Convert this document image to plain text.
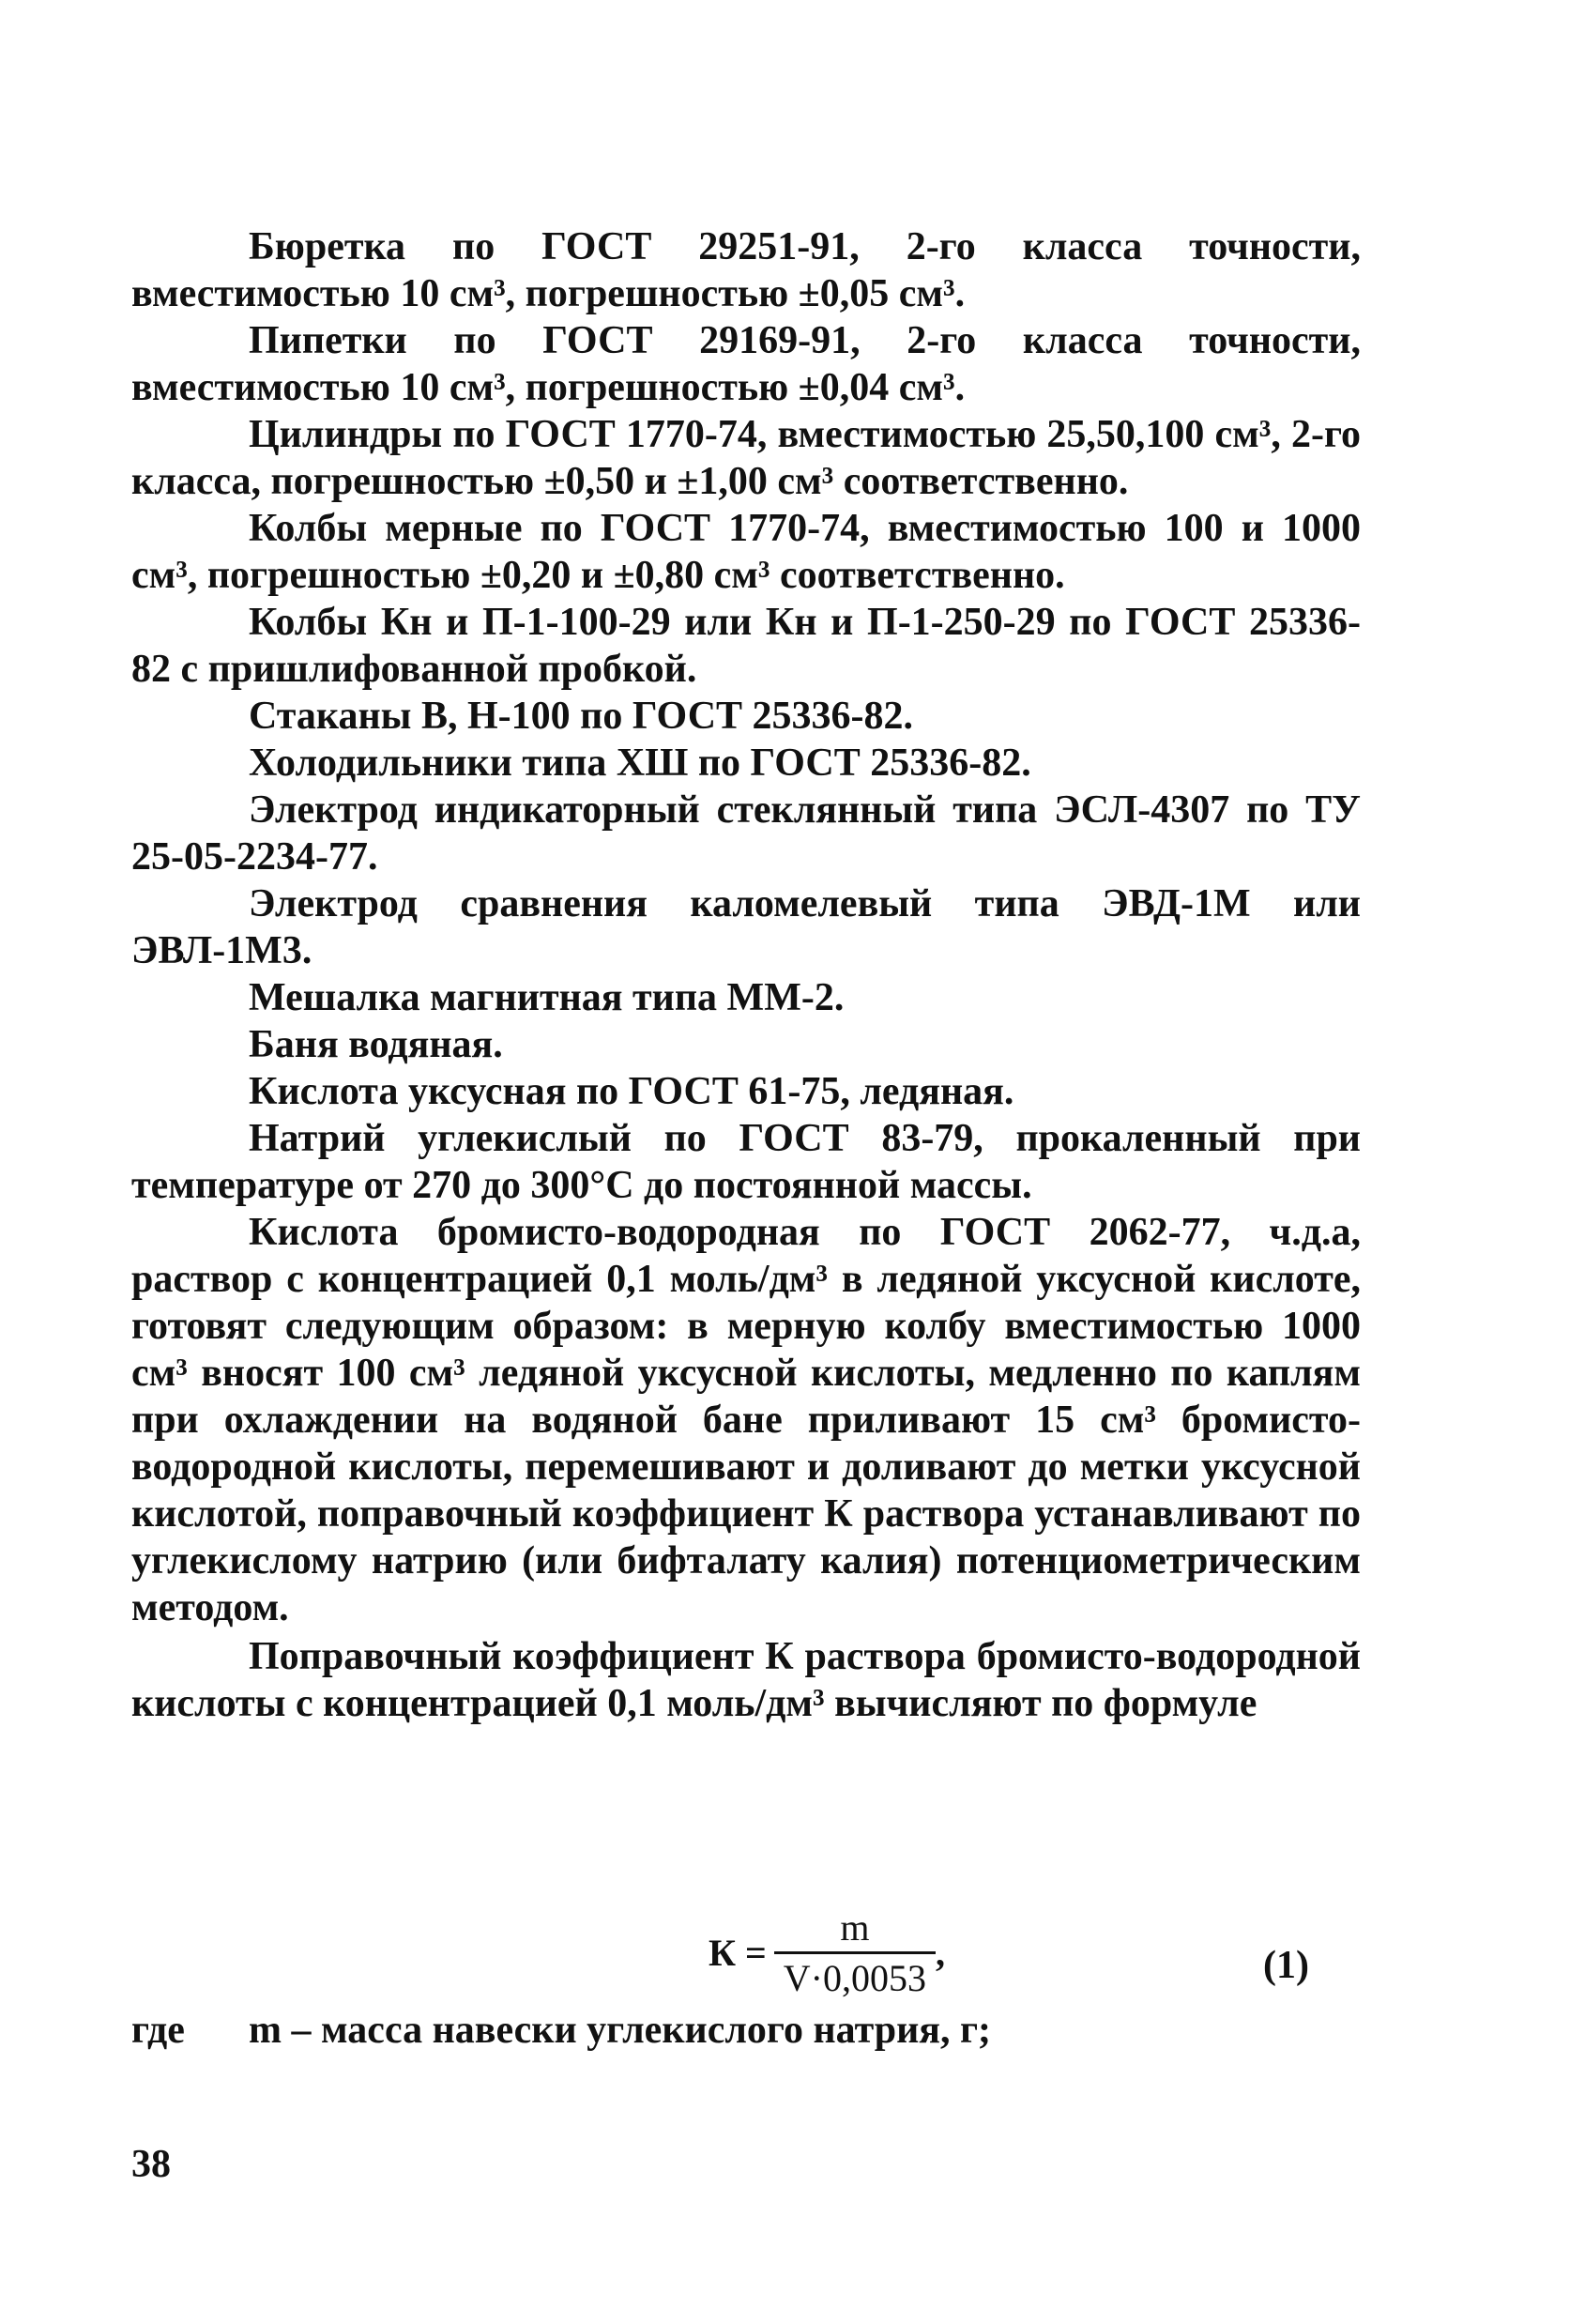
Бюретка по ГОСТ 29251-91, 2-го класса точности, вместимостью 10 см³, погрешностью ±0,05 см³.

Пипетки по ГОСТ 29169-91, 2-го класса точности, вместимостью 10 см³, погрешностью ±0,04 см³.

Цилиндры по ГОСТ 1770-74, вместимостью 25,50,100 см³, 2-го класса, погрешностью ±0,50 и ±1,00 см³ соответственно.

Колбы мерные по ГОСТ 1770-74, вместимостью 100 и 1000 см³, погрешностью ±0,20 и ±0,80 см³ соответственно.

Колбы Кн и П-1-100-29 или Кн и П-1-250-29 по ГОСТ 25336-82 с пришлифованной пробкой.

Стаканы В, Н-100 по ГОСТ 25336-82.

Холодильники типа ХШ по ГОСТ 25336-82.

Электрод индикаторный стеклянный типа ЭСЛ-4307 по ТУ 25-05-2234-77.

Электрод сравнения каломелевый типа ЭВД-1М или ЭВЛ-1М3.

Мешалка магнитная типа ММ-2.

Баня водяная.

Кислота уксусная по ГОСТ 61-75, ледяная.

Натрий углекислый по ГОСТ 83-79, прокаленный при температуре от 270 до 300°С до постоянной массы.

Кислота бромисто-водородная по ГОСТ 2062-77, ч.д.а, раствор с концентрацией 0,1 моль/дм³ в ледяной уксусной кислоте, готовят следующим образом: в мерную колбу вместимостью 1000 см³ вносят 100 см³ ледяной уксусной кислоты, медленно по каплям при охлаждении на водяной бане приливают 15 см³ бромисто-водородной кислоты, перемешивают и доливают до метки уксусной кислотой, поправочный коэффициент К раствора устанавливают по углекислому натрию (или бифталату калия) потенциометрическим методом.

Поправочный коэффициент К раствора бромисто-водородной кислоты с концентрацией 0,1 моль/дм³ вычисляют по формуле

$К = \frac{m}{V\cdot 0,0053}$ ,	(1)
где m – масса навески углекислого натрия, г;
38
